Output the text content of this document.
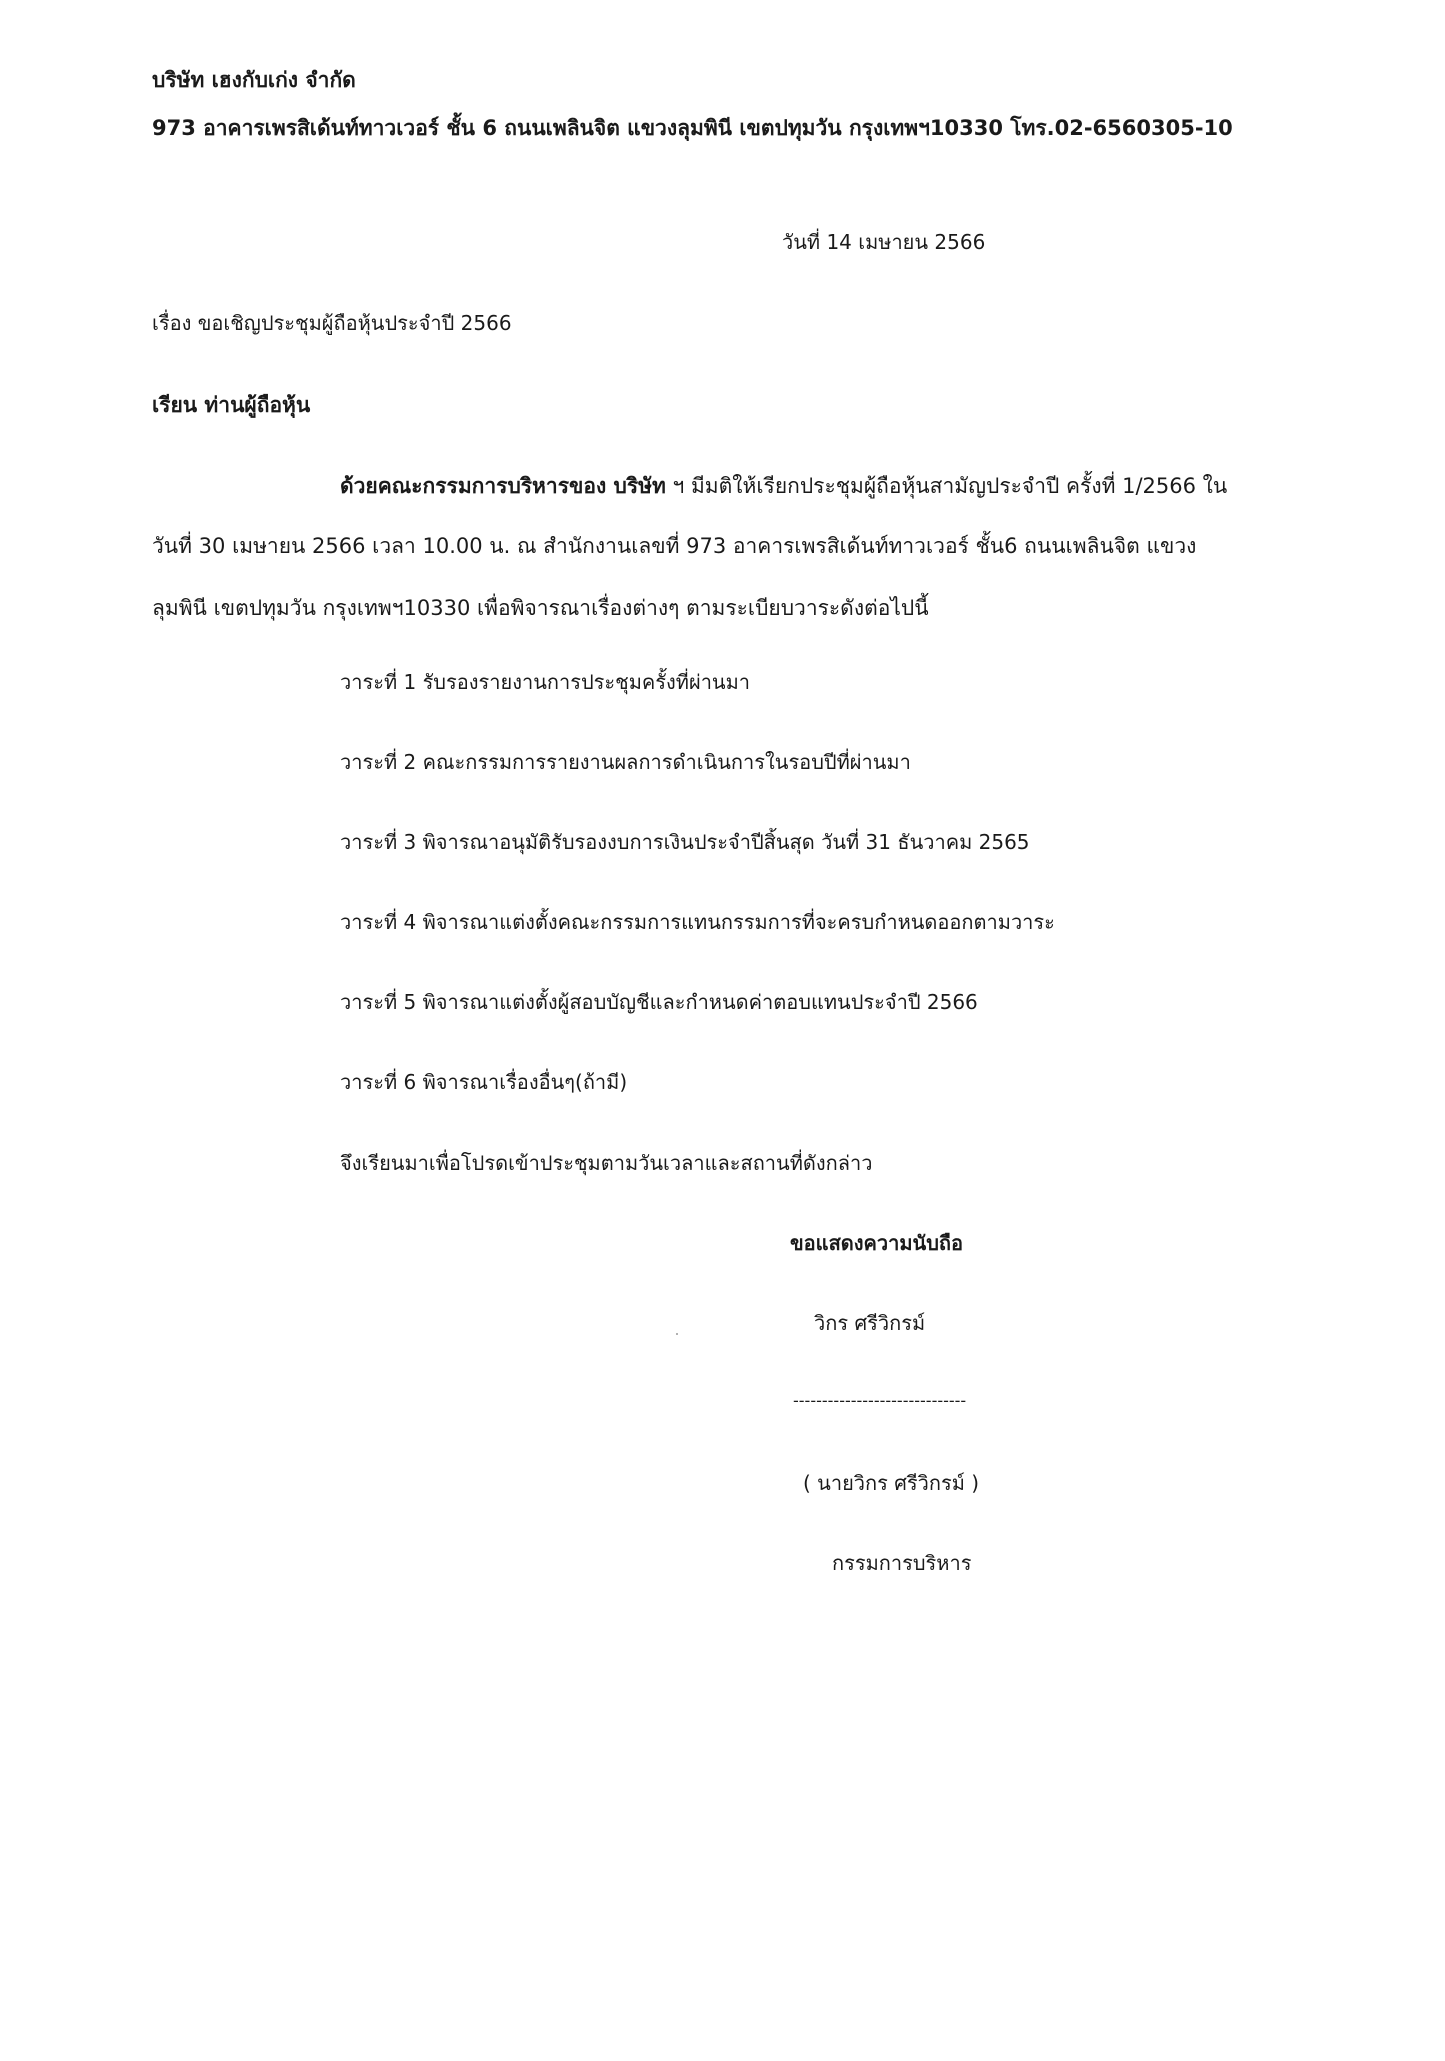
บริษัท เฮงกับเก่ง จำกัด
973 อาคารเพรสิเด้นท์ทาวเวอร์ ชั้น 6 ถนนเพลินจิต แขวงลุมพินี เขตปทุมวัน กรุงเทพฯ10330 โทร.02-6560305-10
วันที่ 14 เมษายน 2566
เรื่อง ขอเชิญประชุมผู้ถือหุ้นประจำปี 2566
เรียน ท่านผู้ถือหุ้น
ด้วยคณะกรรมการบริหารของ บริษัท ฯ มีมติให้เรียกประชุมผู้ถือหุ้นสามัญประจำปี ครั้งที่ 1/2566 ใน
วันที่ 30 เมษายน 2566 เวลา 10.00 น. ณ สำนักงานเลขที่ 973 อาคารเพรสิเด้นท์ทาวเวอร์ ชั้น6 ถนนเพลินจิต แขวง
ลุมพินี เขตปทุมวัน กรุงเทพฯ10330 เพื่อพิจารณาเรื่องต่างๆ ตามระเบียบวาระดังต่อไปนี้
วาระที่ 1 รับรองรายงานการประชุมครั้งที่ผ่านมา
วาระที่ 2 คณะกรรมการรายงานผลการดำเนินการในรอบปีที่ผ่านมา
วาระที่ 3 พิจารณาอนุมัติรับรองงบการเงินประจำปีสิ้นสุด วันที่ 31 ธันวาคม 2565
วาระที่ 4 พิจารณาแต่งตั้งคณะกรรมการแทนกรรมการที่จะครบกำหนดออกตามวาระ
วาระที่ 5 พิจารณาแต่งตั้งผู้สอบบัญชีและกำหนดค่าตอบแทนประจำปี 2566
วาระที่ 6 พิจารณาเรื่องอื่นๆ(ถ้ามี)
จึงเรียนมาเพื่อโปรดเข้าประชุมตามวันเวลาและสถานที่ดังกล่าว
ขอแสดงความนับถือ
วิกร ศรีวิกรม์
------------------------------
( นายวิกร ศรีวิกรม์ )
กรรมการบริหาร
